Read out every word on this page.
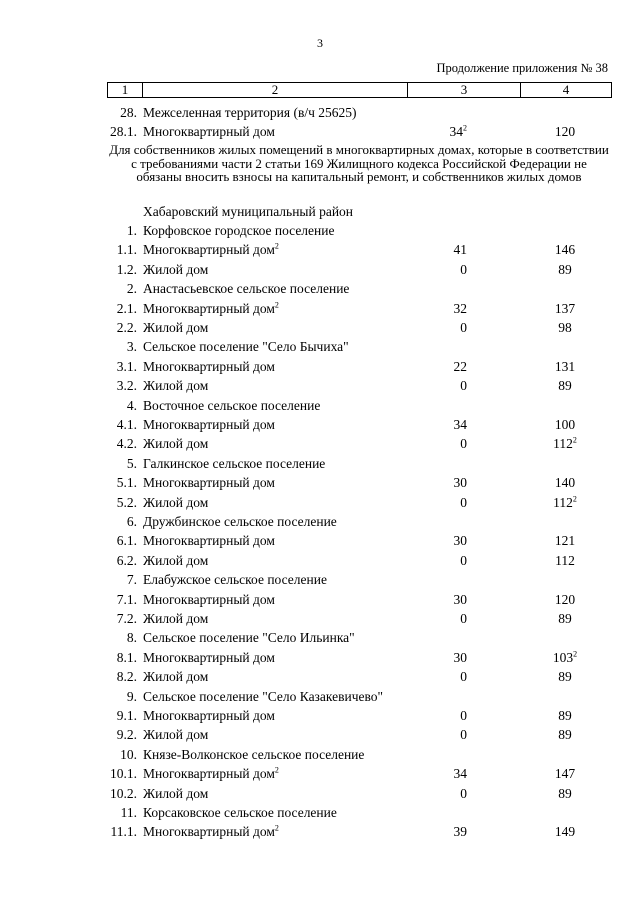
3
Продолжение приложения № 38
1	2	3	4
28. Межселенная территория (в/ч 25625)
28.1. Многоквартирный дом	$34^2$	120
Для собственников жилых помещений в многоквартирных домах, которые в соответствии с требованиями части 2 статьи 169 Жилищного кодекса Российской Федерации не обязаны вносить взносы на капитальный ремонт, и собственников жилых домов
Хабаровский муниципальный район
1. Корфовское городское поселение
1.1. Многоквартирный дом$^2$	41	146
1.2. Жилой дом	0	89
2. Анастасьевское сельское поселение
2.1. Многоквартирный дом$^2$	32	137
2.2. Жилой дом	0	98
3. Сельское поселение "Село Бычиха"
3.1. Многоквартирный дом	22	131
3.2. Жилой дом	0	89
4. Восточное сельское поселение
4.1. Многоквартирный дом	34	100
4.2. Жилой дом	0	$112^2$
5. Галкинское сельское поселение
5.1. Многоквартирный дом	30	140
5.2. Жилой дом	0	$112^2$
6. Дружбинское сельское поселение
6.1. Многоквартирный дом	30	121
6.2. Жилой дом	0	112
7. Елабужское сельское поселение
7.1. Многоквартирный дом	30	120
7.2. Жилой дом	0	89
8. Сельское поселение "Село Ильинка"
8.1. Многоквартирный дом	30	$103^2$
8.2. Жилой дом	0	89
9. Сельское поселение "Село Казакевичево"
9.1. Многоквартирный дом	0	89
9.2. Жилой дом	0	89
10. Князе-Волконское сельское поселение
10.1. Многоквартирный дом$^2$	34	147
10.2. Жилой дом	0	89
11. Корсаковское сельское поселение
11.1. Многоквартирный дом$^2$	39	149
